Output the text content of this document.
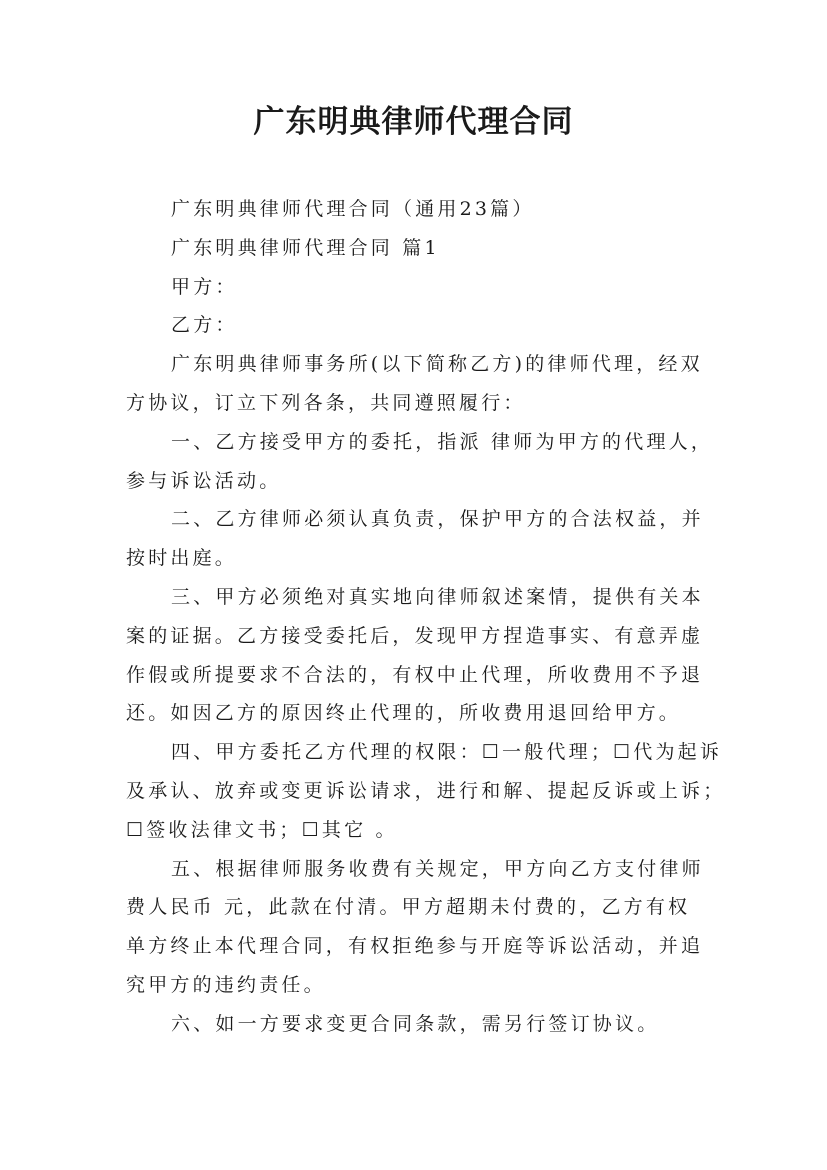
广东明典律师代理合同

广东明典律师代理合同（通用23篇）

广东明典律师代理合同 篇1

甲方：

乙方：

广东明典律师事务所(以下简称乙方)的律师代理，经双

方协议，订立下列各条，共同遵照履行：

一、乙方接受甲方的委托，指派 律师为甲方的代理人，

参与诉讼活动。

二、乙方律师必须认真负责，保护甲方的合法权益，并

按时出庭。

三、甲方必须绝对真实地向律师叙述案情，提供有关本

案的证据。乙方接受委托后，发现甲方捏造事实、有意弄虚

作假或所提要求不合法的，有权中止代理，所收费用不予退

还。如因乙方的原因终止代理的，所收费用退回给甲方。

四、甲方委托乙方代理的权限：☐一般代理；☐代为起诉

及承认、放弃或变更诉讼请求，进行和解、提起反诉或上诉；

☐签收法律文书；☐其它 。

五、根据律师服务收费有关规定，甲方向乙方支付律师

费人民币 元，此款在付清。甲方超期未付费的，乙方有权

单方终止本代理合同，有权拒绝参与开庭等诉讼活动，并追

究甲方的违约责任。

六、如一方要求变更合同条款，需另行签订协议。
